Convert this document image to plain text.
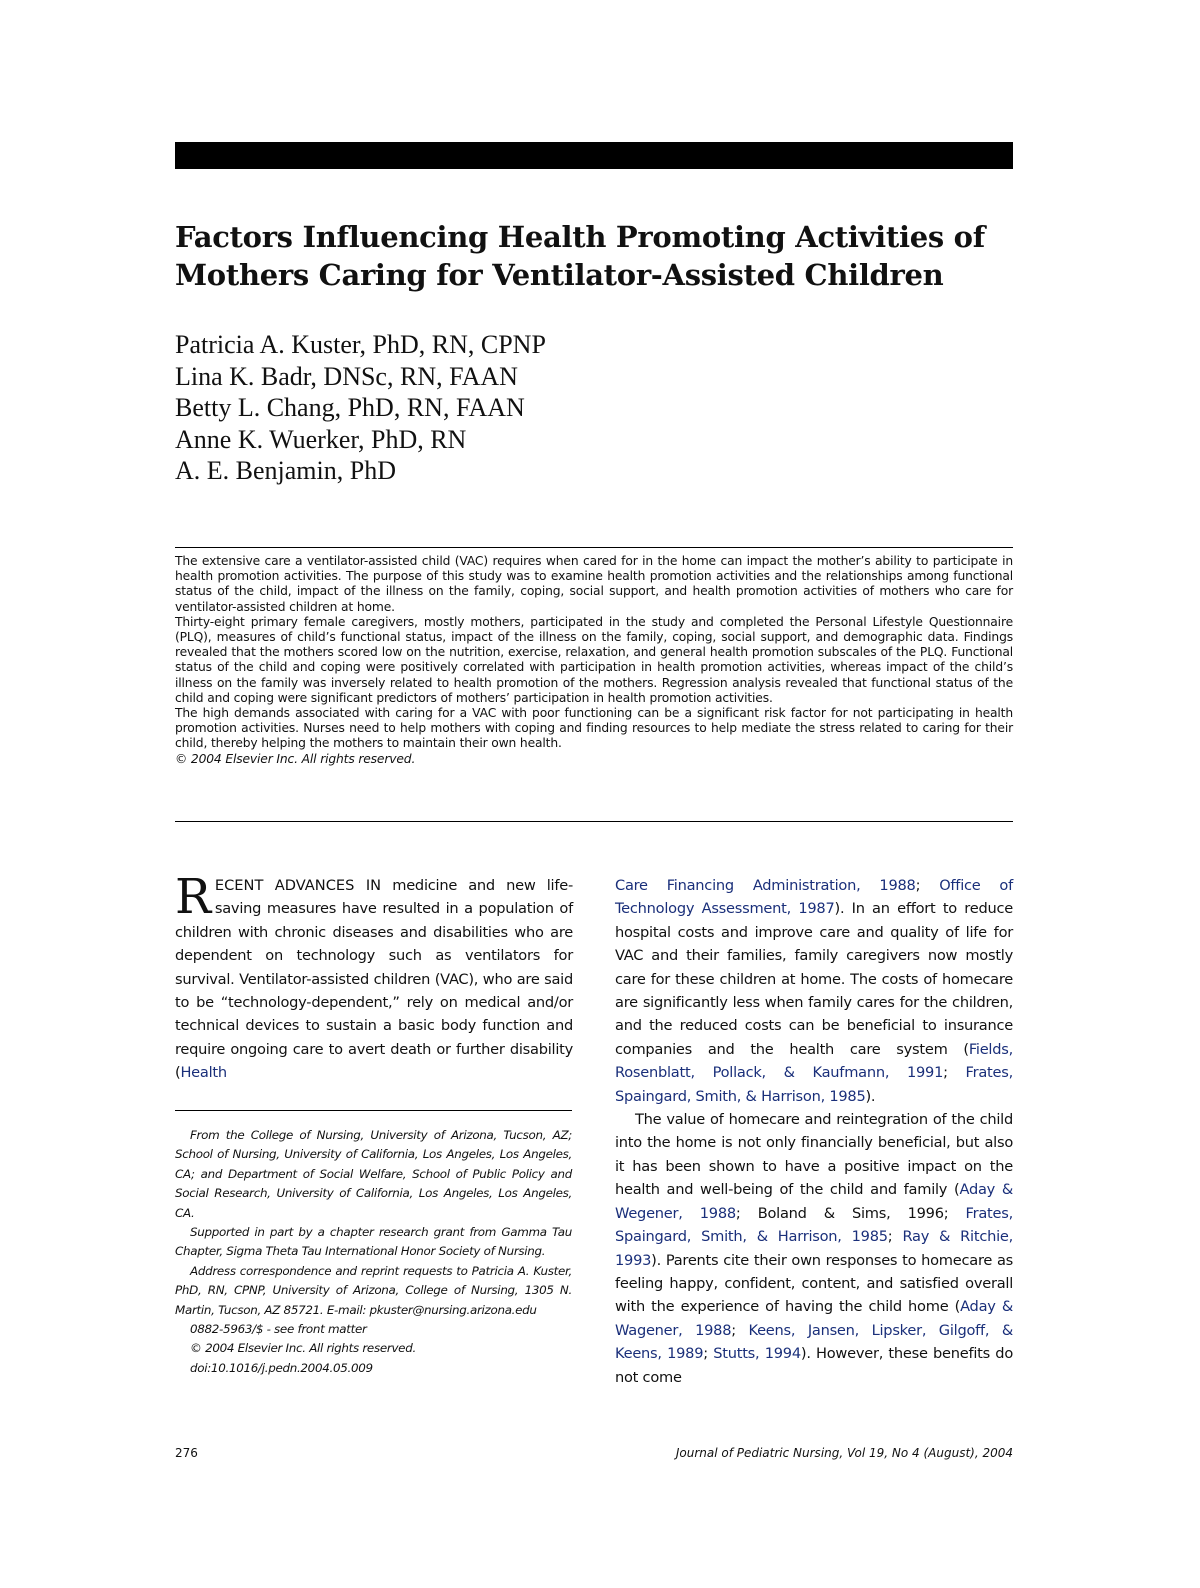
Factors Influencing Health Promoting Activities of
Mothers Caring for Ventilator-Assisted Children
Patricia A. Kuster, PhD, RN, CPNP
Lina K. Badr, DNSc, RN, FAAN
Betty L. Chang, PhD, RN, FAAN
Anne K. Wuerker, PhD, RN
A. E. Benjamin, PhD

The extensive care a ventilator-assisted child (VAC) requires when cared for in the home can impact the mother’s ability to participate in health promotion activities. The purpose of this study was to examine health promotion activities and the relationships among functional status of the child, impact of the illness on the family, coping, social support, and health promotion activities of mothers who care for ventilator-assisted children at home.

Thirty-eight primary female caregivers, mostly mothers, participated in the study and completed the Personal Lifestyle Questionnaire (PLQ), measures of child’s functional status, impact of the illness on the family, coping, social support, and demographic data. Findings revealed that the mothers scored low on the nutrition, exercise, relaxation, and general health promotion subscales of the PLQ. Functional status of the child and coping were positively correlated with participation in health promotion activities, whereas impact of the child’s illness on the family was inversely related to health promotion of the mothers. Regression analysis revealed that functional status of the child and coping were significant predictors of mothers’ participation in health promotion activities.

The high demands associated with caring for a VAC with poor functioning can be a significant risk factor for not participating in health promotion activities. Nurses need to help mothers with coping and finding resources to help mediate the stress related to caring for their child, thereby helping the mothers to maintain their own health.

© 2004 Elsevier Inc. All rights reserved.

RECENT ADVANCES IN medicine and new life-saving measures have resulted in a population of children with chronic diseases and disabilities who are dependent on technology such as ventilators for survival. Ventilator-assisted children (VAC), who are said to be “technology-dependent,” rely on medical and/or technical devices to sustain a basic body function and require ongoing care to avert death or further disability (Health

From the College of Nursing, University of Arizona, Tucson, AZ; School of Nursing, University of California, Los Angeles, Los Angeles, CA; and Department of Social Welfare, School of Public Policy and Social Research, University of California, Los Angeles, Los Angeles, CA.

Supported in part by a chapter research grant from Gamma Tau Chapter, Sigma Theta Tau International Honor Society of Nursing.

Address correspondence and reprint requests to Patricia A. Kuster, PhD, RN, CPNP, University of Arizona, College of Nursing, 1305 N. Martin, Tucson, AZ 85721. E-mail: pkuster@nursing.arizona.edu

0882-5963/$ - see front matter

© 2004 Elsevier Inc. All rights reserved.

doi:10.1016/j.pedn.2004.05.009

Care Financing Administration, 1988; Office of Technology Assessment, 1987). In an effort to reduce hospital costs and improve care and quality of life for VAC and their families, family caregivers now mostly care for these children at home. The costs of homecare are significantly less when family cares for the children, and the reduced costs can be beneficial to insurance companies and the health care system (Fields, Rosenblatt, Pollack, & Kaufmann, 1991; Frates, Spaingard, Smith, & Harrison, 1985).

The value of homecare and reintegration of the child into the home is not only financially beneficial, but also it has been shown to have a positive impact on the health and well-being of the child and family (Aday & Wegener, 1988; Boland & Sims, 1996; Frates, Spaingard, Smith, & Harrison, 1985; Ray & Ritchie, 1993). Parents cite their own responses to homecare as feeling happy, confident, content, and satisfied overall with the experience of having the child home (Aday & Wagener, 1988; Keens, Jansen, Lipsker, Gilgoff, & Keens, 1989; Stutts, 1994). However, these benefits do not come

276	Journal of Pediatric Nursing, Vol 19, No 4 (August), 2004
